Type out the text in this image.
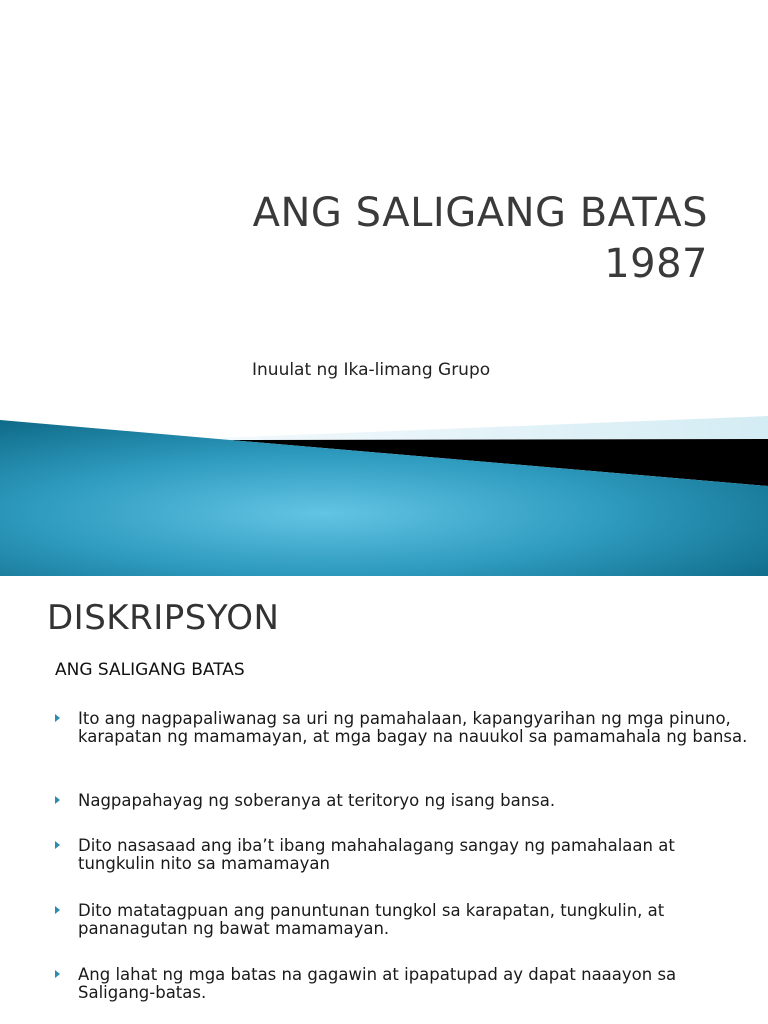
ANG SALIGANG BATAS
1987
Inuulat ng Ika-limang Grupo
DISKRIPSYON
ANG SALIGANG BATAS
Ito ang nagpapaliwanag sa uri ng pamahalaan, kapangyarihan ng mga pinuno, karapatan ng mamamayan, at mga bagay na nauukol sa pamamahala ng bansa.
Nagpapahayag ng soberanya at teritoryo ng isang bansa.
Dito nasasaad ang iba’t ibang mahahalagang sangay ng pamahalaan at tungkulin nito sa mamamayan
Dito matatagpuan ang panuntunan tungkol sa karapatan, tungkulin, at pananagutan ng bawat mamamayan.
Ang lahat ng mga batas na gagawin at ipapatupad ay dapat naaayon sa Saligang-batas.
